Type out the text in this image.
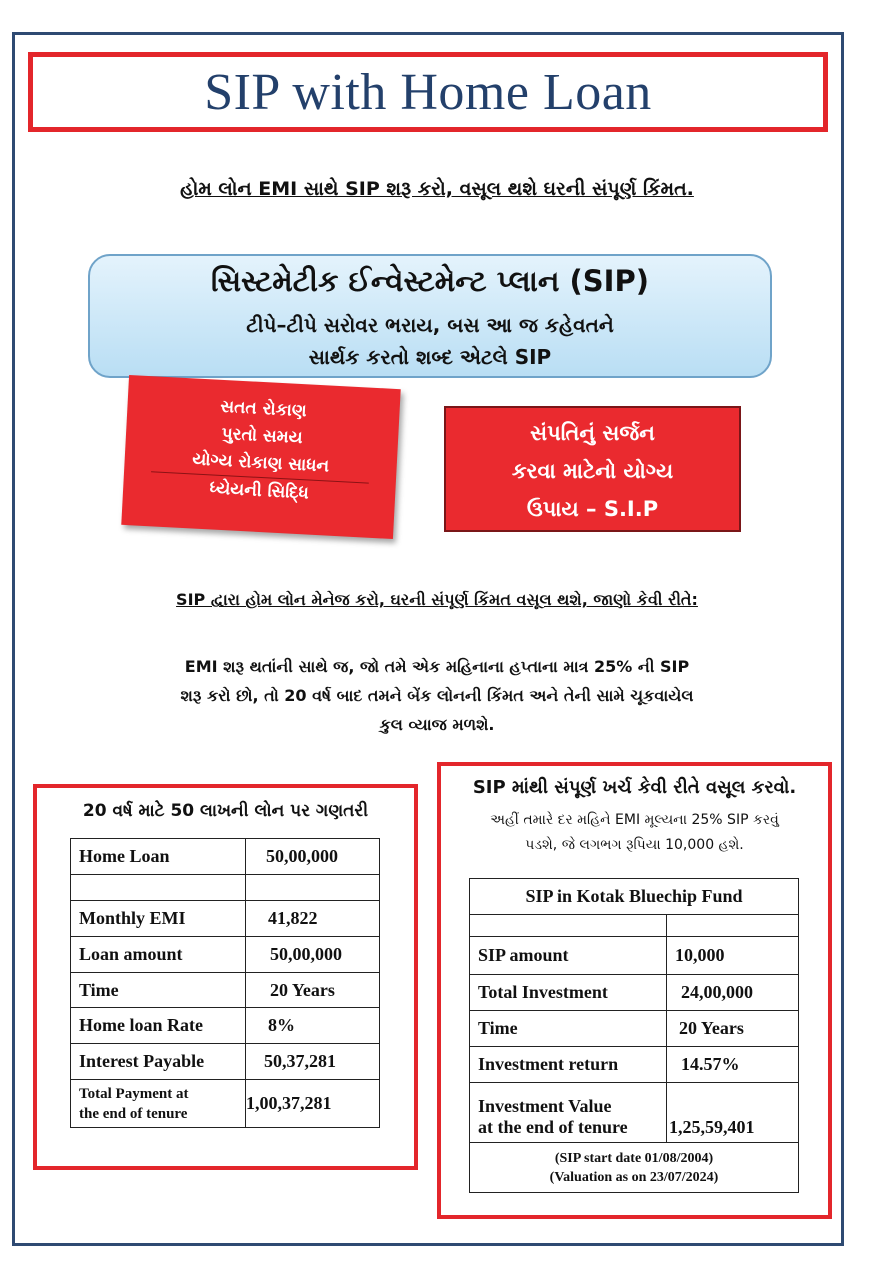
SIP with Home Loan
હોમ લોન EMI સાથે SIP શરૂ કરો, વસૂલ થશે ઘરની સંપૂર્ણ કિંમત.
સિસ્ટમેટીક ઈન્વેસ્ટમેન્ટ પ્લાન (SIP)
ટીપે–ટીપે સરોવર ભરાય, બસ આ જ કહેવતને
સાર્થક કરતો શબ્દ એટલે SIP
સતત રોકાણ
પુરતો સમય
યોગ્ય રોકાણ સાધન
ધ્યેયની સિદ્ધિ
સંપતિનું સર્જન
કરવા માટેનો યોગ્ય
ઉપાય – S.I.P
SIP દ્વારા હોમ લોન મેનેજ કરો, ઘરની સંપૂર્ણ કિંમત વસૂલ થશે, જાણો કેવી રીતે:
EMI શરૂ થતાંની સાથે જ, જો તમે એક મહિનાના હપ્તાના માત્ર 25% ની SIP
શરૂ કરો છો, તો 20 વર્ષ બાદ તમને બેંક લોનની કિંમત અને તેની સામે ચૂકવાયેલ
કુલ વ્યાજ મળશે.
20 વર્ષ માટે 50 લાખની લોન પર ગણતરી
Home Loan	50,00,000

Monthly EMI	41,822
Loan amount	50,00,000
Time	20 Years
Home loan Rate	8%
Interest Payable	50,37,281

Total Payment at
the end of tenure	1,00,37,281
SIP માંથી સંપૂર્ણ ખર્ચ કેવી રીતે વસૂલ કરવો.
અહીં તમારે દર મહિને EMI મૂલ્યના 25% SIP કરવું
પડશે, જે લગભગ રૂપિયા 10,000 હશે.
SIP in Kotak Bluechip Fund	

SIP amount	10,000
Total Investment	24,00,000
Time	20 Years
Investment return	14.57%

Investment Value
at the end of tenure	1,25,59,401

(SIP start date 01/08/2004)
(Valuation as on 23/07/2024)	
